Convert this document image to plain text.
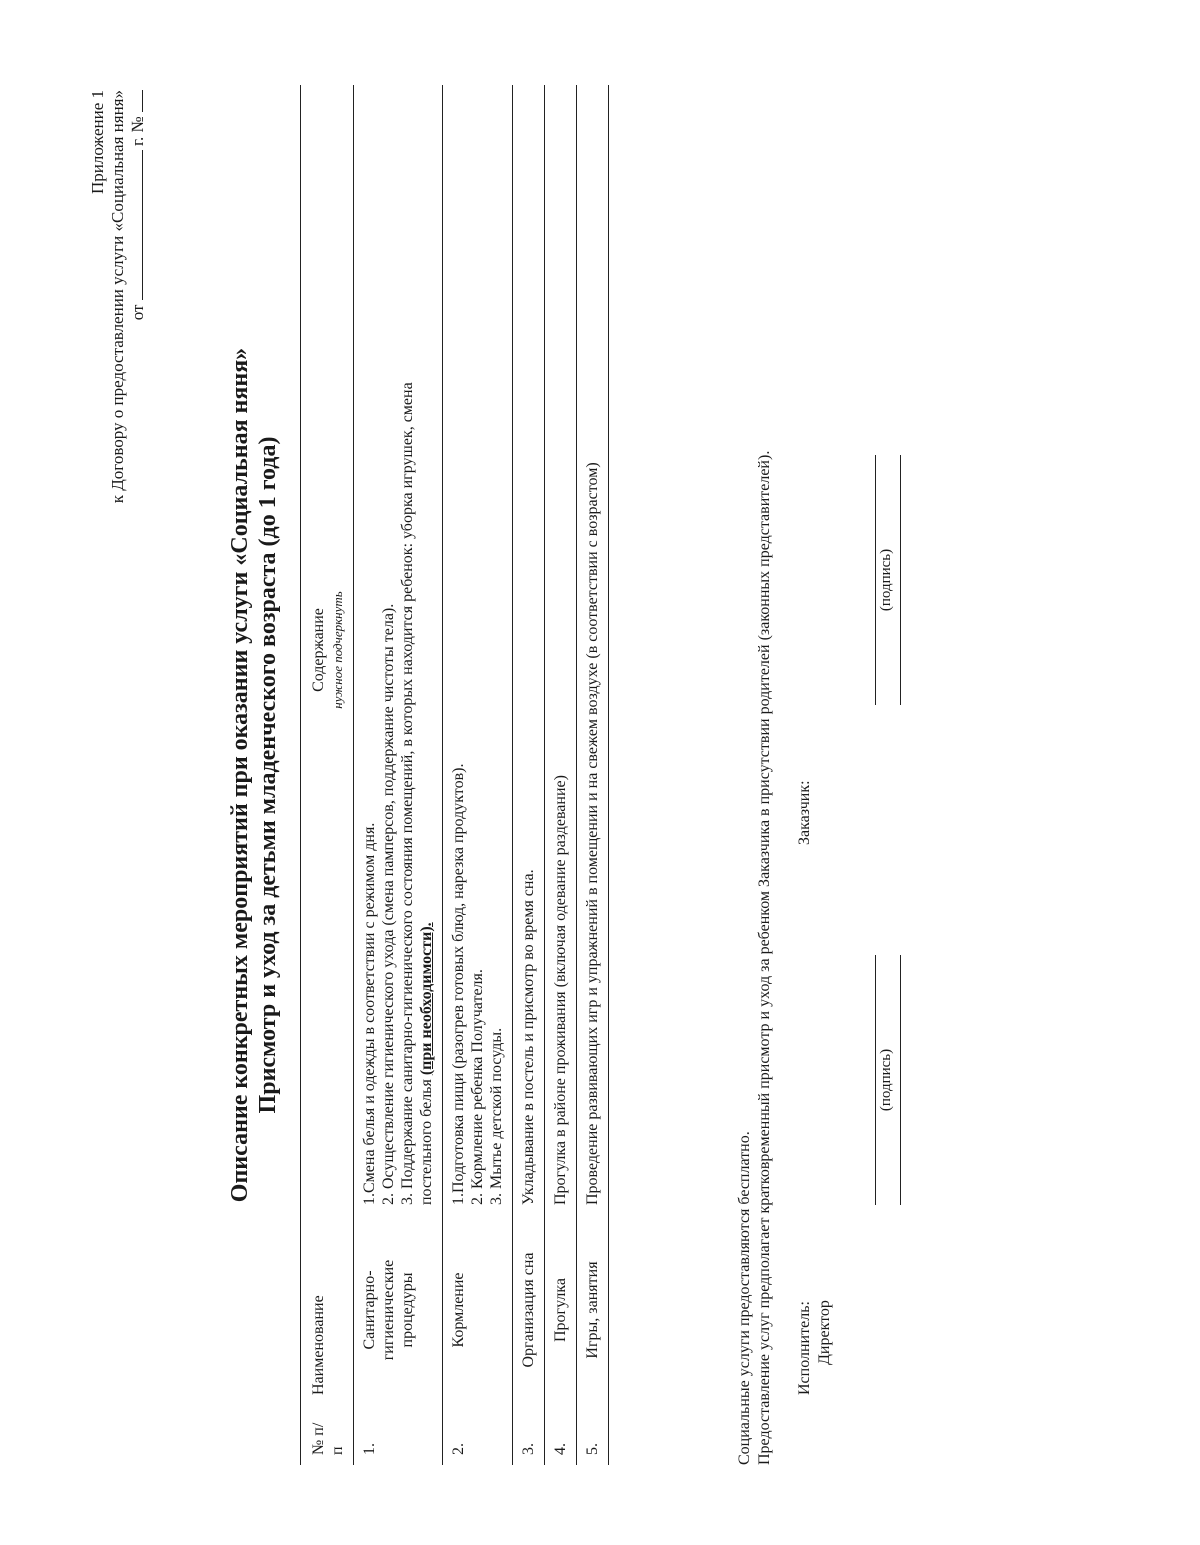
Приложение 1 к Договору о предоставлении услуги «Социальная няня» от  г. №
Описание конкретных мероприятий при оказании услуги «Социальная няня» Присмотр и уход за детьми младенческого возраста (до 1 года)
№ п/п	Наименование	Содержание нужное подчеркнуть

1.	Санитарно-гигиенические процедуры	1.Смена белья и одежды в соответствии с режимом дня. 2. Осуществление гигиенического ухода (смена памперсов, поддержание чистоты тела). 3. Поддержание санитарно-гигиенического состояния помещений, в которых находится ребенок: уборка игрушек, смена постельного белья (при необходимости).

2.	Кормление	1.Подготовка пищи (разогрев готовых блюд, нарезка продуктов). 2. Кормление ребенка Получателя. 3. Мытье детской посуды.

3.	Организация сна	Укладывание в постель и присмотр во время сна.

4.	Прогулка	Прогулка в районе проживания (включая одевание раздевание)

5.	Игры, занятия	Проведение развивающих игр и упражнений в помещении и на свежем воздухе (в соответствии с возрастом)
Социальные услуги предоставляются бесплатно. Предоставление услуг предполагает кратковременный присмотр и уход за ребенком Заказчика в присутствии родителей (законных представителей). Исполнитель: Директор
Заказчик:
(подпись)
(подпись)
